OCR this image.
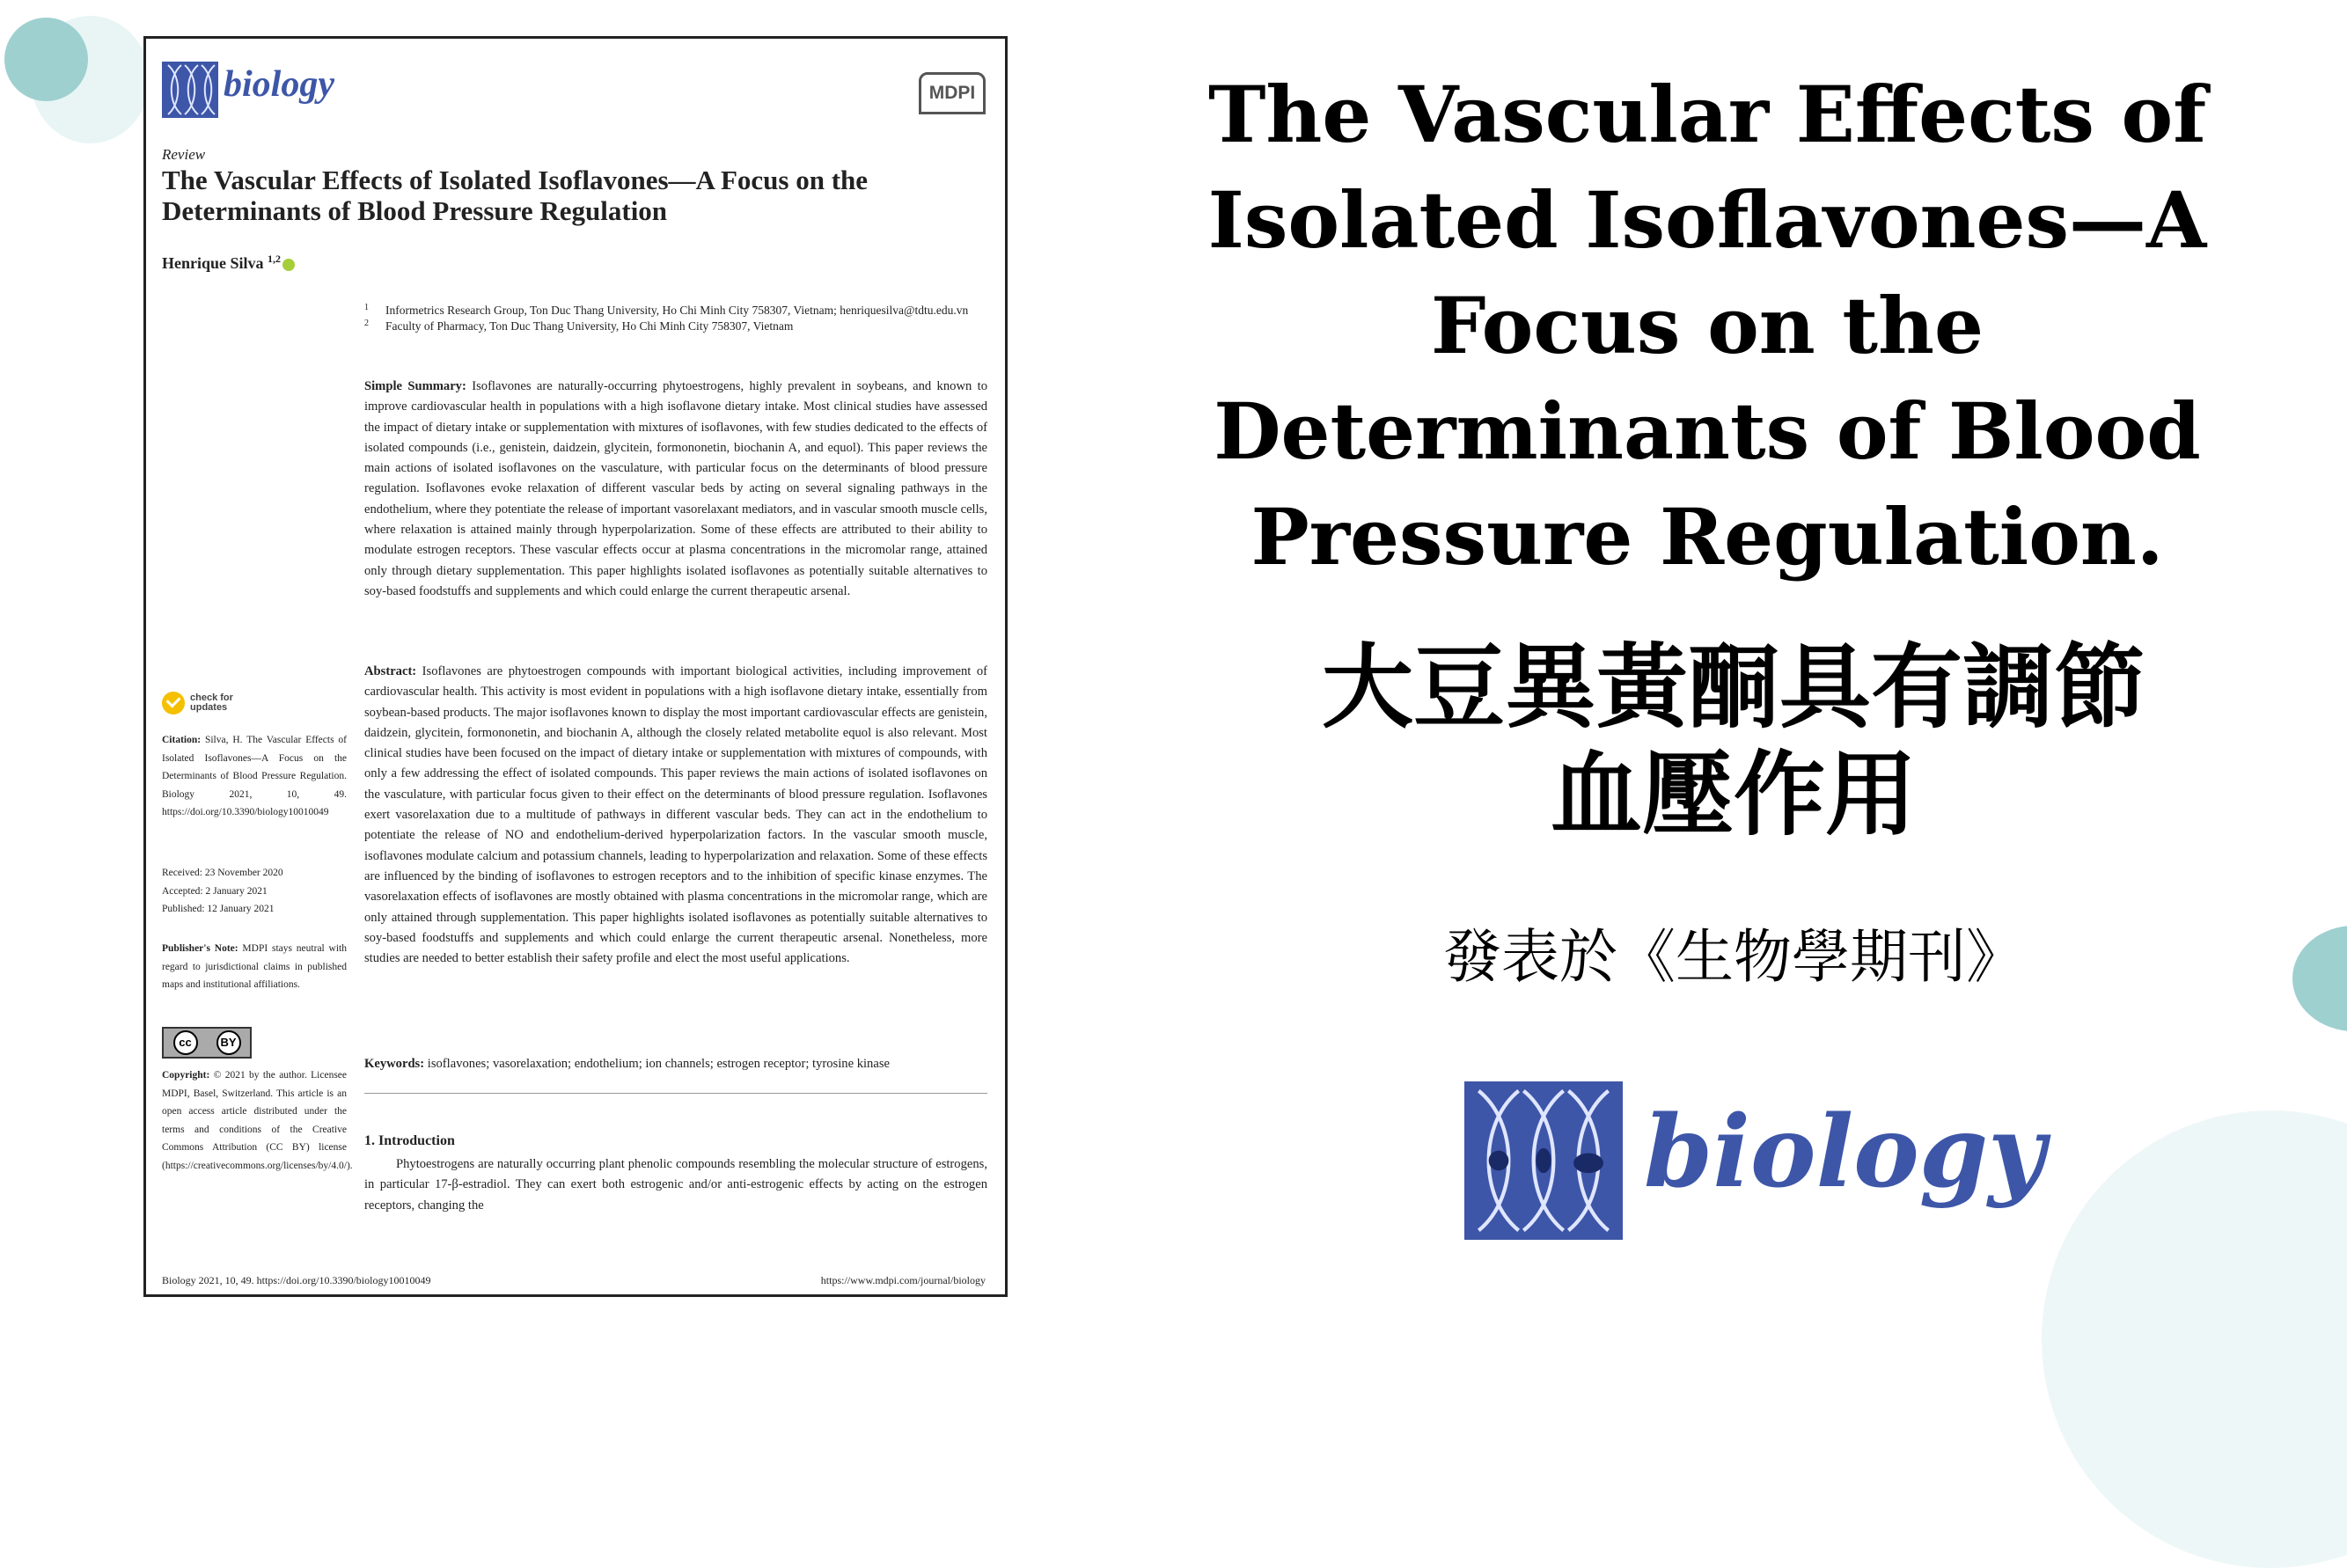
biology	MDPI
Review
The Vascular Effects of Isolated Isoflavones—A Focus on the Determinants of Blood Pressure Regulation
Henrique Silva $^{1,2}$
1 Informetrics Research Group, Ton Duc Thang University, Ho Chi Minh City 758307, Vietnam; henriquesilva@tdtu.edu.vn
2 Faculty of Pharmacy, Ton Duc Thang University, Ho Chi Minh City 758307, Vietnam
Simple Summary: Isoflavones are naturally-occurring phytoestrogens, highly prevalent in soybeans, and known to improve cardiovascular health in populations with a high isoflavone dietary intake. Most clinical studies have assessed the impact of dietary intake or supplementation with mixtures of isoflavones, with few studies dedicated to the effects of isolated compounds (i.e., genistein, daidzein, glycitein, formononetin, biochanin A, and equol). This paper reviews the main actions of isolated isoflavones on the vasculature, with particular focus on the determinants of blood pressure regulation. Isoflavones evoke relaxation of different vascular beds by acting on several signaling pathways in the endothelium, where they potentiate the release of important vasorelaxant mediators, and in vascular smooth muscle cells, where relaxation is attained mainly through hyperpolarization. Some of these effects are attributed to their ability to modulate estrogen receptors. These vascular effects occur at plasma concentrations in the micromolar range, attained only through dietary supplementation. This paper highlights isolated isoflavones as potentially suitable alternatives to soy-based foodstuffs and supplements and which could enlarge the current therapeutic arsenal.
Abstract: Isoflavones are phytoestrogen compounds with important biological activities, including improvement of cardiovascular health. This activity is most evident in populations with a high isoflavone dietary intake, essentially from soybean-based products. The major isoflavones known to display the most important cardiovascular effects are genistein, daidzein, glycitein, formononetin, and biochanin A, although the closely related metabolite equol is also relevant. Most clinical studies have been focused on the impact of dietary intake or supplementation with mixtures of compounds, with only a few addressing the effect of isolated compounds. This paper reviews the main actions of isolated isoflavones on the vasculature, with particular focus given to their effect on the determinants of blood pressure regulation. Isoflavones exert vasorelaxation due to a multitude of pathways in different vascular beds. They can act in the endothelium to potentiate the release of NO and endothelium-derived hyperpolarization factors. In the vascular smooth muscle, isoflavones modulate calcium and potassium channels, leading to hyperpolarization and relaxation. Some of these effects are influenced by the binding of isoflavones to estrogen receptors and to the inhibition of specific kinase enzymes. The vasorelaxation effects of isoflavones are mostly obtained with plasma concentrations in the micromolar range, which are only attained through supplementation. This paper highlights isolated isoflavones as potentially suitable alternatives to soy-based foodstuffs and supplements and which could enlarge the current therapeutic arsenal. Nonetheless, more studies are needed to better establish their safety profile and elect the most useful applications.
Keywords: isoflavones; vasorelaxation; endothelium; ion channels; estrogen receptor; tyrosine kinase
1. Introduction
Phytoestrogens are naturally occurring plant phenolic compounds resembling the molecular structure of estrogens, in particular 17-β-estradiol. They can exert both estrogenic and/or anti-estrogenic effects by acting on the estrogen receptors, changing the
check for
updates
Citation: Silva, H. The Vascular Effects of Isolated Isoflavones—A Focus on the Determinants of Blood Pressure Regulation. Biology 2021, 10, 49. https://doi.org/10.3390/biology10010049
Received: 23 November 2020
Accepted: 2 January 2021
Published: 12 January 2021
Publisher's Note: MDPI stays neutral with regard to jurisdictional claims in published maps and institutional affiliations.
cc	BY
Copyright: © 2021 by the author. Licensee MDPI, Basel, Switzerland. This article is an open access article distributed under the terms and conditions of the Creative Commons Attribution (CC BY) license (https://creativecommons.org/licenses/by/4.0/).
Biology 2021, 10, 49. https://doi.org/10.3390/biology10010049	https://www.mdpi.com/journal/biology
The Vascular Effects of
Isolated Isoflavones—A
Focus on the
Determinants of Blood
Pressure Regulation.
大豆異黃酮具有調節
血壓作用
發表於《生物學期刊》
biology
